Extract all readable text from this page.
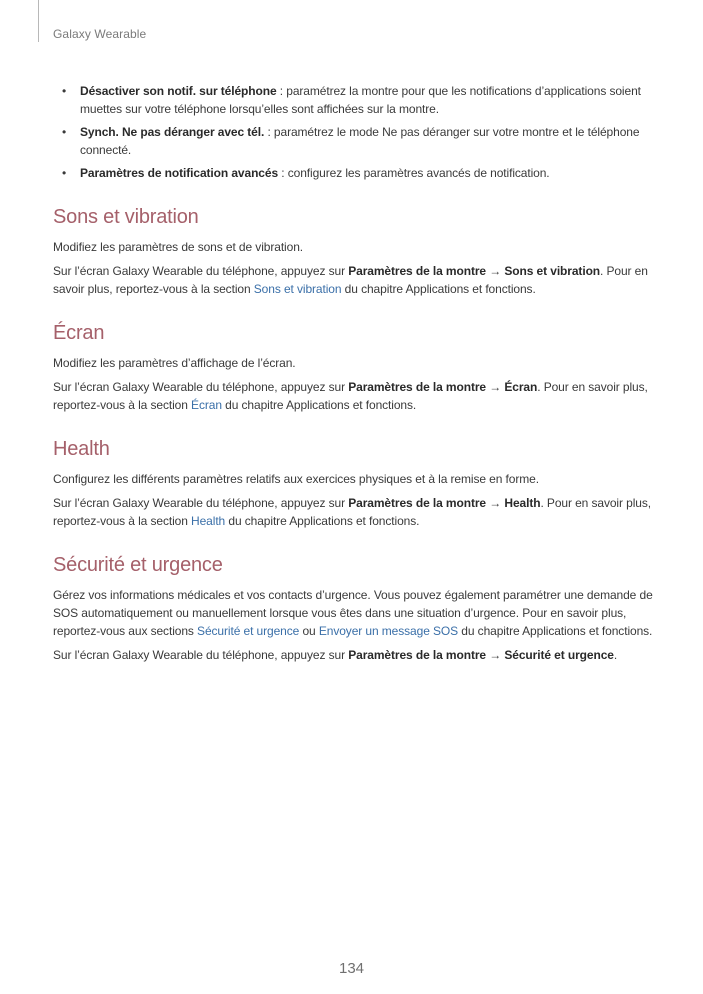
Galaxy Wearable
• Désactiver son notif. sur téléphone : paramétrez la montre pour que les notifications d’applications soient muettes sur votre téléphone lorsqu’elles sont affichées sur la montre.
• Synch. Ne pas déranger avec tél. : paramétrez le mode Ne pas déranger sur votre montre et le téléphone connecté.
• Paramètres de notification avancés : configurez les paramètres avancés de notification.
Sons et vibration

Modifiez les paramètres de sons et de vibration.

Sur l’écran Galaxy Wearable du téléphone, appuyez sur Paramètres de la montre → Sons et vibration. Pour en savoir plus, reportez-vous à la section Sons et vibration du chapitre Applications et fonctions.

Écran

Modifiez les paramètres d’affichage de l’écran.

Sur l’écran Galaxy Wearable du téléphone, appuyez sur Paramètres de la montre → Écran. Pour en savoir plus, reportez-vous à la section Écran du chapitre Applications et fonctions.

Health

Configurez les différents paramètres relatifs aux exercices physiques et à la remise en forme.

Sur l’écran Galaxy Wearable du téléphone, appuyez sur Paramètres de la montre → Health. Pour en savoir plus, reportez-vous à la section Health du chapitre Applications et fonctions.

Sécurité et urgence

Gérez vos informations médicales et vos contacts d’urgence. Vous pouvez également paramétrer une demande de SOS automatiquement ou manuellement lorsque vous êtes dans une situation d’urgence. Pour en savoir plus, reportez-vous aux sections Sécurité et urgence ou Envoyer un message SOS du chapitre Applications et fonctions.

Sur l’écran Galaxy Wearable du téléphone, appuyez sur Paramètres de la montre → Sécurité et urgence.

134
